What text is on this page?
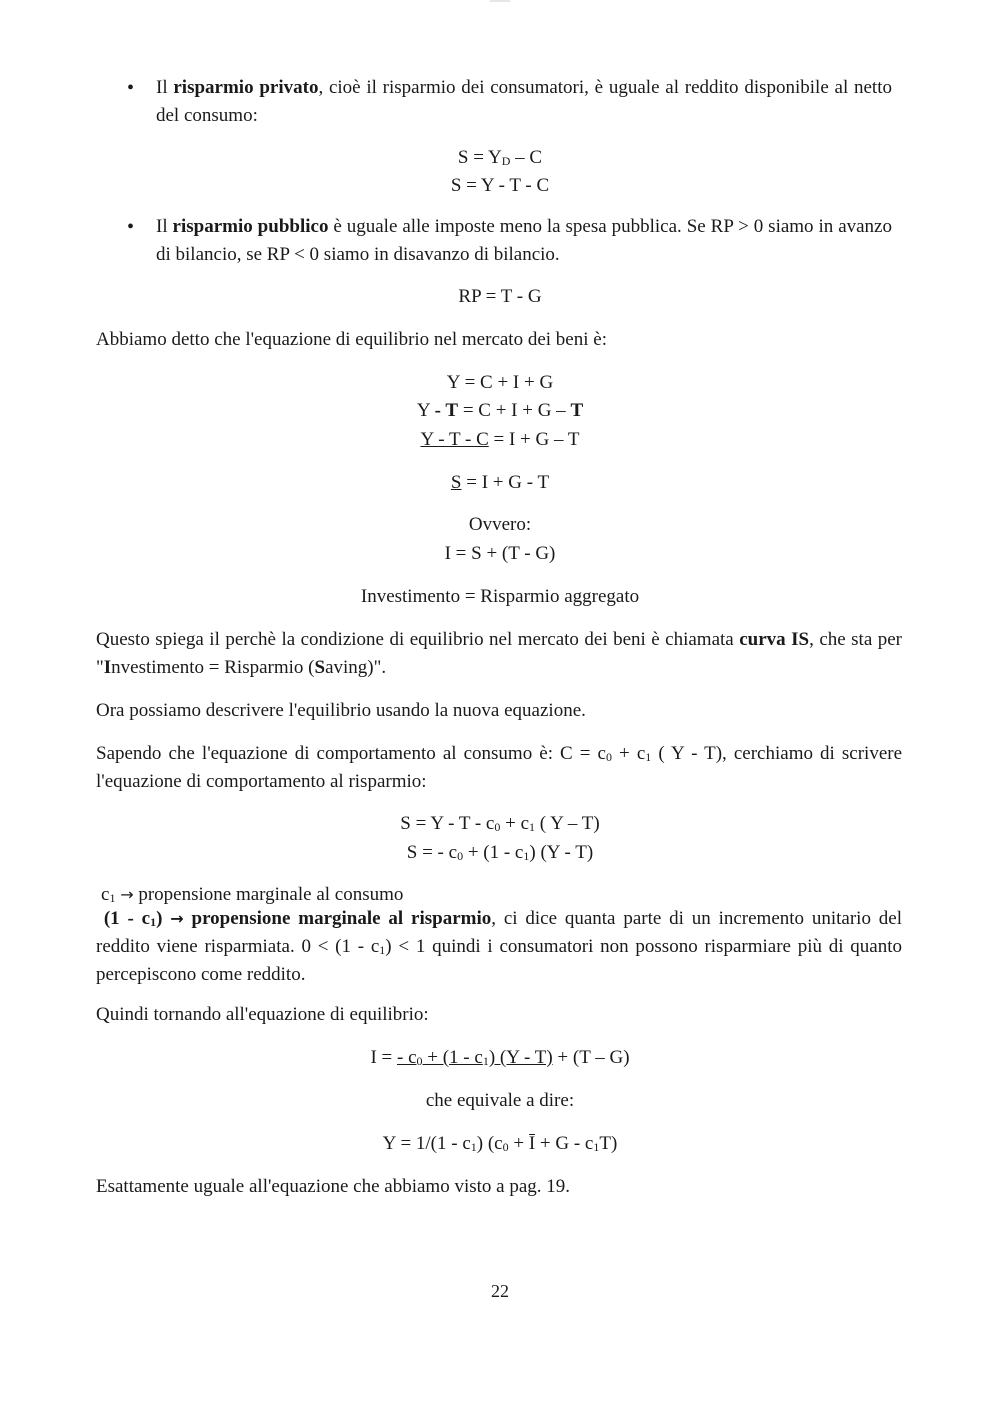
• Il risparmio privato, cioè il risparmio dei consumatori, è uguale al reddito disponibile al netto del consumo:

$S = Y_D - C$

S = Y - T - C

• Il risparmio pubblico è uguale alle imposte meno la spesa pubblica. Se RP > 0 siamo in avanzo di bilancio, se RP < 0 siamo in disavanzo di bilancio.

RP = T - G

Abbiamo detto che l'equazione di equilibrio nel mercato dei beni è:

Y = C + I + G

Y - T = C + I + G – T

Y - T - C = I + G – T

S = I + G - T

Ovvero:

I = S + (T - G)

Investimento = Risparmio aggregato

Questo spiega il perchè la condizione di equilibrio nel mercato dei beni è chiamata curva IS, che sta per "Investimento = Risparmio (Saving)".

Ora possiamo descrivere l'equilibrio usando la nuova equazione.

Sapendo che l'equazione di comportamento al consumo è: $C = c_0 + c_1$ ( Y - T), cerchiamo di scrivere l'equazione di comportamento al risparmio:

$S = Y - T - c_0 + c_1$ ( Y – T)

S = - $c_0 + (1 - c_1)$ (Y - T)

$c_1$ → propensione marginale al consumo

$(1 - c_1)$ → propensione marginale al risparmio, ci dice quanta parte di un incremento unitario del reddito viene risparmiata. $0 < (1 - c_1) < 1$ quindi i consumatori non possono risparmiare più di quanto percepiscono come reddito.

Quindi tornando all'equazione di equilibrio:

I = - $c_0 + (1 - c_1)$ (Y - T) + (T – G)

che equivale a dire:

$Y = 1/(1 - c_1)$ ($c_0$ + Ī + G - $c_1T$)

Esattamente uguale all'equazione che abbiamo visto a pag. 19.

22
